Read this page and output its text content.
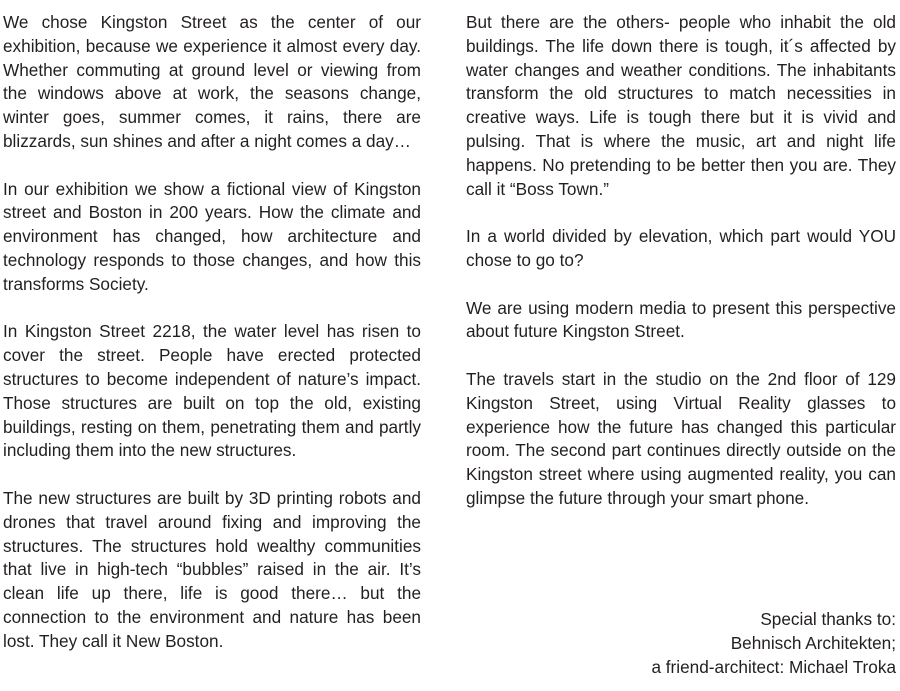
We chose Kingston Street as the center of our exhibition, because we experience it almost every day. Whether commuting at ground level or viewing from the windows above at work, the seasons change, winter goes, summer comes, it rains, there are blizzards, sun shines and after a night comes a day…

In our exhibition we show a fictional view of Kingston street and Boston in 200 years. How the climate and environment has changed, how architecture and technology responds to those changes, and how this transforms Society.

In Kingston Street 2218, the water level has risen to cover the street. People have erected protected structures to become independent of nature’s impact. Those structures are built on top the old, existing buildings, resting on them, penetrating them and partly including them into the new structures.

The new structures are built by 3D printing robots and drones that travel around fixing and improving the structures. The structures hold wealthy communities that live in high-tech “bubbles” raised in the air. It’s clean life up there, life is good there… but the connection to the environment and nature has been lost. They call it New Boston.

But there are the others- people who inhabit the old buildings. The life down there is tough, it´s affected by water changes and weather conditions. The inhabitants transform the old structures to match necessities in creative ways. Life is tough there but it is vivid and pulsing. That is where the music, art and night life happens. No pretending to be better then you are. They call it “Boss Town.”

In a world divided by elevation, which part would YOU chose to go to?

We are using modern media to present this perspective about future Kingston Street.

The travels start in the studio on the 2nd floor of 129 Kingston Street, using Virtual Reality glasses to experience how the future has changed this particular room. The second part continues directly outside on the Kingston street where using augmented reality, you can glimpse the future through your smart phone.

Special thanks to:
Behnisch Architekten;
a friend-architect: Michael Troka
